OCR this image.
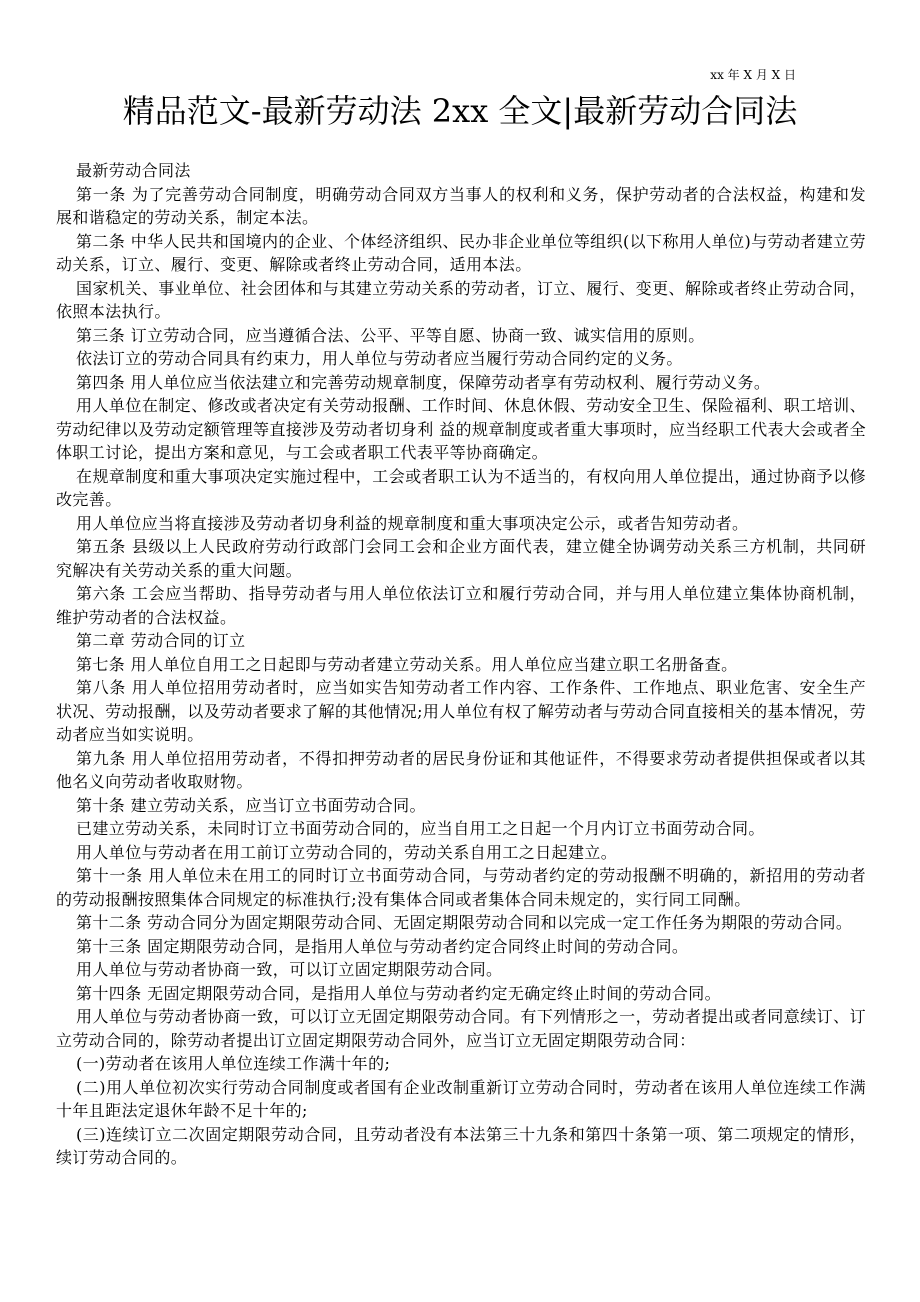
xx 年 X 月 X 日
精品范文-最新劳动法 2xx 全文|最新劳动合同法

最新劳动合同法

第一条 为了完善劳动合同制度，明确劳动合同双方当事人的权利和义务，保护劳动者的合法权益，构建和发展和谐稳定的劳动关系，制定本法。

第二条 中华人民共和国境内的企业、个体经济组织、民办非企业单位等组织(以下称用人单位)与劳动者建立劳动关系，订立、履行、变更、解除或者终止劳动合同，适用本法。

国家机关、事业单位、社会团体和与其建立劳动关系的劳动者，订立、履行、变更、解除或者终止劳动合同，依照本法执行。

第三条 订立劳动合同，应当遵循合法、公平、平等自愿、协商一致、诚实信用的原则。

依法订立的劳动合同具有约束力，用人单位与劳动者应当履行劳动合同约定的义务。

第四条 用人单位应当依法建立和完善劳动规章制度，保障劳动者享有劳动权利、履行劳动义务。

用人单位在制定、修改或者决定有关劳动报酬、工作时间、休息休假、劳动安全卫生、保险福利、职工培训、劳动纪律以及劳动定额管理等直接涉及劳动者切身利 益的规章制度或者重大事项时，应当经职工代表大会或者全体职工讨论，提出方案和意见，与工会或者职工代表平等协商确定。

在规章制度和重大事项决定实施过程中，工会或者职工认为不适当的，有权向用人单位提出，通过协商予以修改完善。

用人单位应当将直接涉及劳动者切身利益的规章制度和重大事项决定公示，或者告知劳动者。

第五条 县级以上人民政府劳动行政部门会同工会和企业方面代表，建立健全协调劳动关系三方机制，共同研究解决有关劳动关系的重大问题。

第六条 工会应当帮助、指导劳动者与用人单位依法订立和履行劳动合同，并与用人单位建立集体协商机制，维护劳动者的合法权益。

第二章 劳动合同的订立

第七条 用人单位自用工之日起即与劳动者建立劳动关系。用人单位应当建立职工名册备查。

第八条 用人单位招用劳动者时，应当如实告知劳动者工作内容、工作条件、工作地点、职业危害、安全生产状况、劳动报酬，以及劳动者要求了解的其他情况;用人单位有权了解劳动者与劳动合同直接相关的基本情况，劳动者应当如实说明。

第九条 用人单位招用劳动者，不得扣押劳动者的居民身份证和其他证件，不得要求劳动者提供担保或者以其他名义向劳动者收取财物。

第十条 建立劳动关系，应当订立书面劳动合同。

已建立劳动关系，未同时订立书面劳动合同的，应当自用工之日起一个月内订立书面劳动合同。

用人单位与劳动者在用工前订立劳动合同的，劳动关系自用工之日起建立。

第十一条 用人单位未在用工的同时订立书面劳动合同，与劳动者约定的劳动报酬不明确的，新招用的劳动者的劳动报酬按照集体合同规定的标准执行;没有集体合同或者集体合同未规定的，实行同工同酬。

第十二条 劳动合同分为固定期限劳动合同、无固定期限劳动合同和以完成一定工作任务为期限的劳动合同。

第十三条 固定期限劳动合同，是指用人单位与劳动者约定合同终止时间的劳动合同。

用人单位与劳动者协商一致，可以订立固定期限劳动合同。

第十四条 无固定期限劳动合同，是指用人单位与劳动者约定无确定终止时间的劳动合同。

用人单位与劳动者协商一致，可以订立无固定期限劳动合同。有下列情形之一，劳动者提出或者同意续订、订立劳动合同的，除劳动者提出订立固定期限劳动合同外，应当订立无固定期限劳动合同：

(一)劳动者在该用人单位连续工作满十年的;

(二)用人单位初次实行劳动合同制度或者国有企业改制重新订立劳动合同时，劳动者在该用人单位连续工作满十年且距法定退休年龄不足十年的;

(三)连续订立二次固定期限劳动合同，且劳动者没有本法第三十九条和第四十条第一项、第二项规定的情形，续订劳动合同的。
